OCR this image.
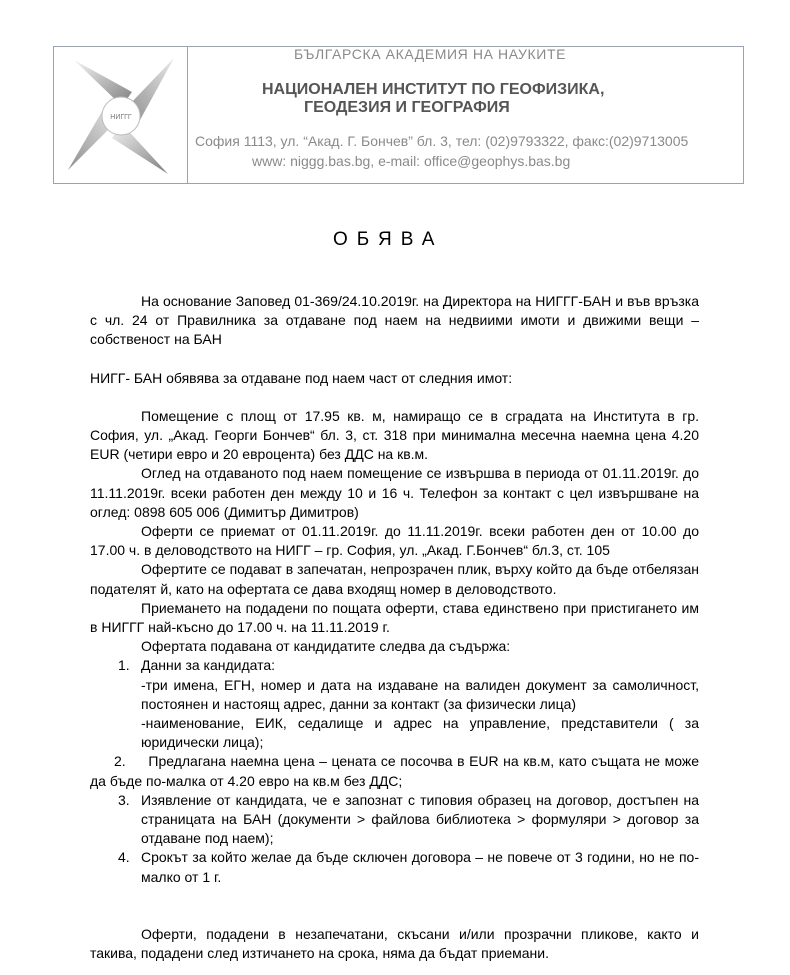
НИГГГ
БЪЛГАРСКА АКАДЕМИЯ НА НАУКИТЕ
НАЦИОНАЛЕН ИНСТИТУТ ПО ГЕОФИЗИКА,
ГЕОДЕЗИЯ И ГЕОГРАФИЯ
София 1113, ул. “Акад. Г. Бончев” бл. 3, тел: (02)9793322, факс:(02)9713005
www: niggg.bas.bg, e-mail: office@geophys.bas.bg
ОБЯВА

На основание Заповед 01-369/24.10.2019г. на Директора на НИГГГ-БАН и във връзка с чл. 24 от Правилника за отдаване под наем на недвиими имоти и движими вещи – собственост на БАН

НИГГ- БАН обявява за отдаване под наем част от следния имот:

Помещение с площ от 17.95 кв. м, намиращо се в сградата на Института в гр. София, ул. „Акад. Георги Бончев“ бл. 3, ст. 318 при минимална месечна наемна цена 4.20 EUR (четири евро и 20 евроцента) без ДДС на кв.м.

Оглед на отдаваното под наем помещение се извършва в периода от 01.11.2019г. до 11.11.2019г. всеки работен ден между 10 и 16 ч. Телефон за контакт с цел извършване на оглед: 0898 605 006 (Димитър Димитров)

Оферти се приемат от 01.11.2019г. до 11.11.2019г. всеки работен ден от 10.00 до 17.00 ч. в деловодството на НИГГ – гр. София, ул. „Акад. Г.Бончев“ бл.3, ст. 105

Офертите се подават в запечатан, непрозрачен плик, върху който да бъде отбелязан подателят й, като на офертата се дава входящ номер в деловодството.

Приемането на подадени по пощата оферти, става единствено при пристигането им в НИГГГ най-късно до 17.00 ч. на 11.11.2019 г.

Офертата подавана от кандидатите следва да съдържа:

1. Данни за кандидата:

-три имена, ЕГН, номер и дата на издаване на валиден документ за самоличност, постоянен и настоящ адрес, данни за контакт (за физически лица)

-наименование, ЕИК, седалище и адрес на управление, представители ( за юридически лица);

2. Предлагана наемна цена – цената се посочва в EUR на кв.м, като същата не може да бъде по-малка от 4.20 евро на кв.м без ДДС;

3. Изявление от кандидата, че е запознат с типовия образец на договор, достъпен на страницата на БАН (документи > файлова библиотека > формуляри > договор за отдаване под наем);
4. Срокът за който желае да бъде сключен договора – не повече от 3 години, но не по-малко от 1 г.

Оферти, подадени в незапечатани, скъсани и/или прозрачни пликове, както и такива, подадени след изтичането на срока, няма да бъдат приемани.
